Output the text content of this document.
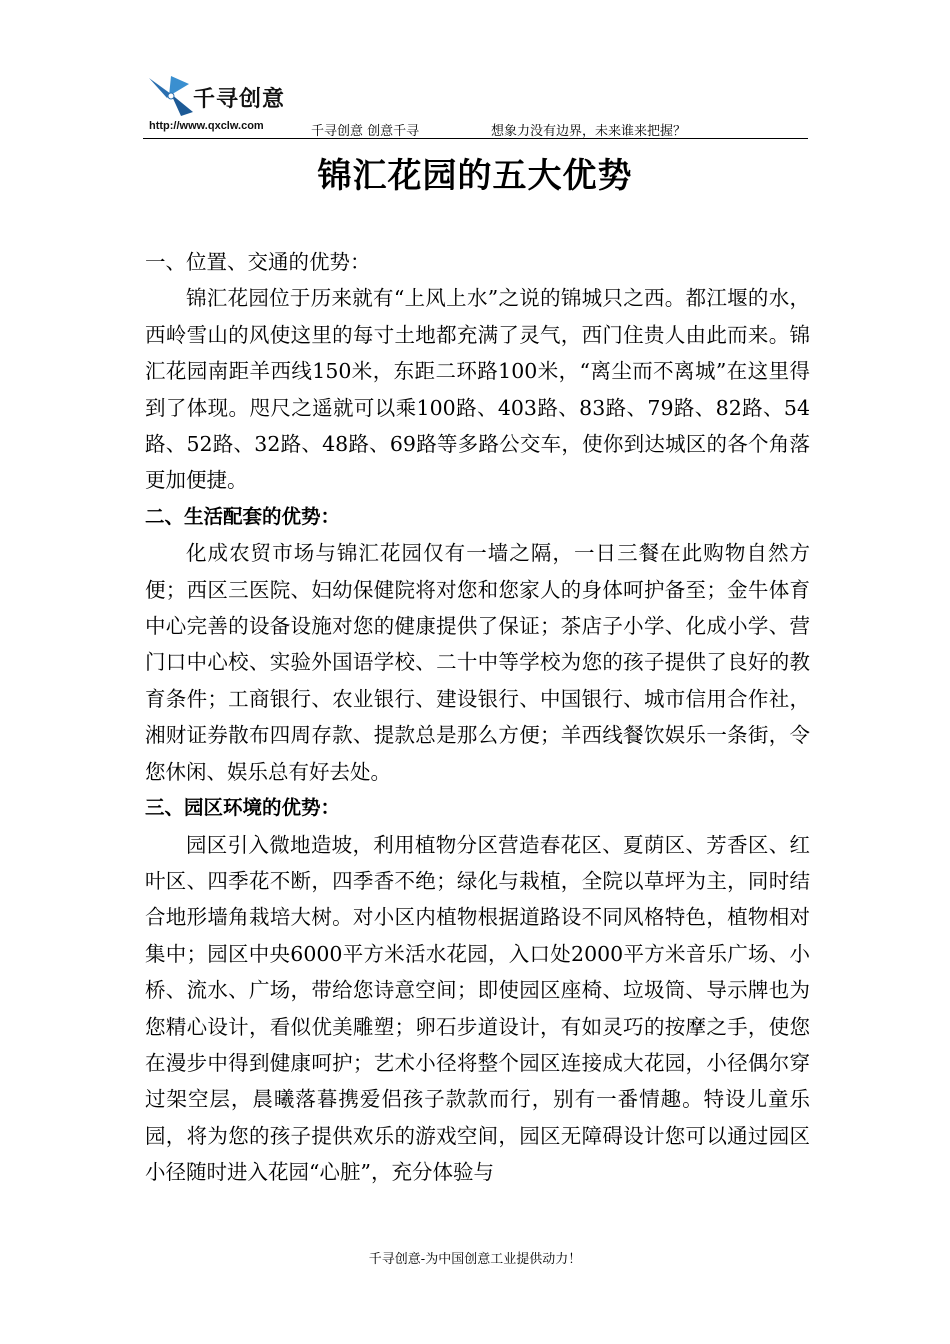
千寻创意
http://www.qxclw.com	千寻创意 创意千寻	想象力没有边界，未来谁来把握？
锦汇花园的五大优势

一、位置、交通的优势：

锦汇花园位于历来就有“上风上水”之说的锦城只之西。都江堰的水，西岭雪山的风使这里的每寸土地都充满了灵气，西门住贵人由此而来。锦汇花园南距羊西线150米，东距二环路100米，“离尘而不离城”在这里得到了体现。咫尺之遥就可以乘100路、403路、83路、79路、82路、54路、52路、32路、48路、69路等多路公交车，使你到达城区的各个角落更加便捷。

二、生活配套的优势：

化成农贸市场与锦汇花园仅有一墙之隔，一日三餐在此购物自然方便；西区三医院、妇幼保健院将对您和您家人的身体呵护备至；金牛体育中心完善的设备设施对您的健康提供了保证；茶店子小学、化成小学、营门口中心校、实验外国语学校、二十中等学校为您的孩子提供了良好的教育条件；工商银行、农业银行、建设银行、中国银行、城市信用合作社，湘财证券散布四周存款、提款总是那么方便；羊西线餐饮娱乐一条街，令您休闲、娱乐总有好去处。

三、园区环境的优势：

园区引入微地造坡，利用植物分区营造春花区、夏荫区、芳香区、红叶区、四季花不断，四季香不绝；绿化与栽植，全院以草坪为主，同时结合地形墙角栽培大树。对小区内植物根据道路设不同风格特色，植物相对集中；园区中央6000平方米活水花园，入口处2000平方米音乐广场、小桥、流水、广场，带给您诗意空间；即使园区座椅、垃圾筒、导示牌也为您精心设计，看似优美雕塑；卵石步道设计，有如灵巧的按摩之手，使您在漫步中得到健康呵护；艺术小径将整个园区连接成大花园，小径偶尔穿过架空层，晨曦落暮携爱侣孩子款款而行，别有一番情趣。特设儿童乐园，将为您的孩子提供欢乐的游戏空间，园区无障碍设计您可以通过园区小径随时进入花园“心脏”，充分体验与

千寻创意-为中国创意工业提供动力！
